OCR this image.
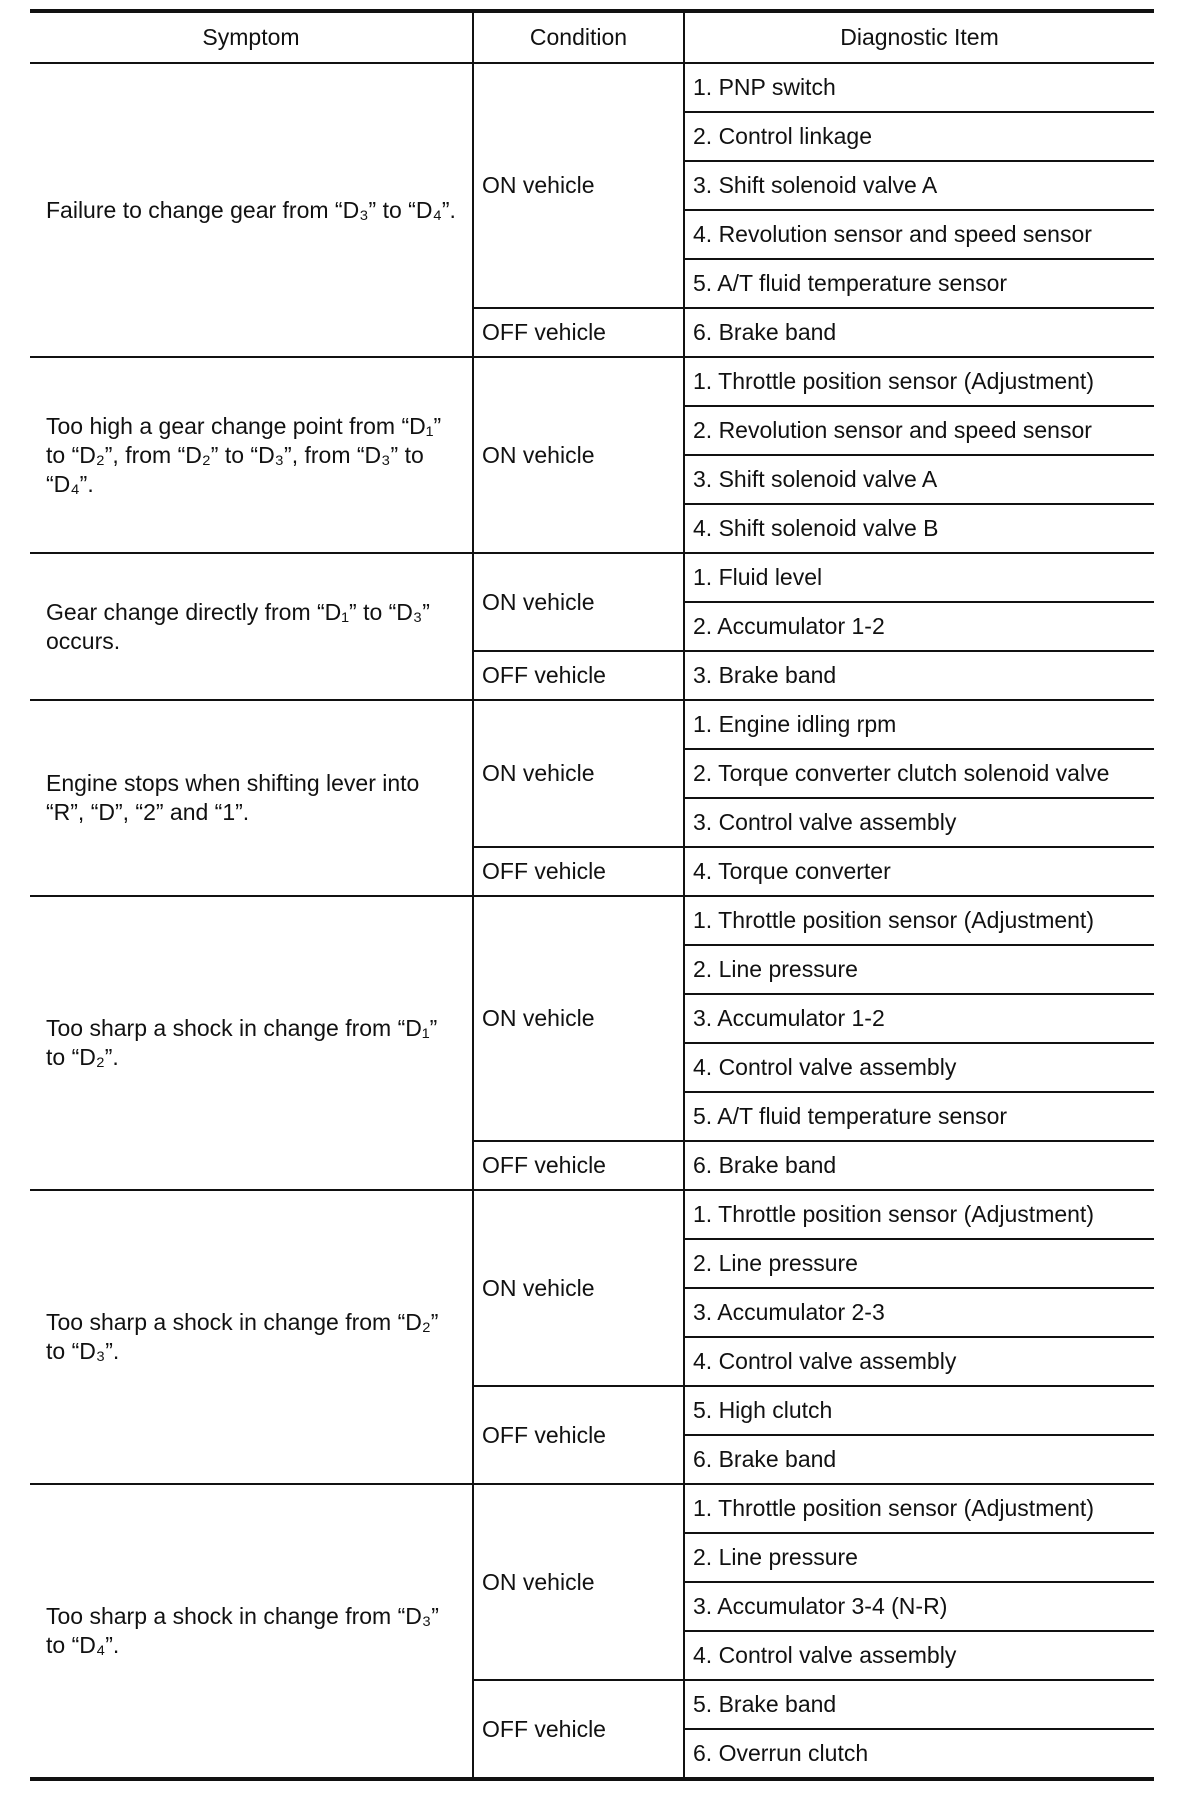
Symptom	Condition	Diagnostic Item
Failure to change gear from “D₃” to “D₄”.	ON vehicle	1. PNP switch
		2. Control linkage
		3. Shift solenoid valve A
		4. Revolution sensor and speed sensor
		5. A/T fluid temperature sensor
	OFF vehicle	6. Brake band
Too high a gear change point from “D₁” to “D₂”, from “D₂” to “D₃”, from “D₃” to “D₄”.	ON vehicle	1. Throttle position sensor (Adjustment)
		2. Revolution sensor and speed sensor
		3. Shift solenoid valve A
		4. Shift solenoid valve B
Gear change directly from “D₁” to “D₃” occurs.	ON vehicle	1. Fluid level
		2. Accumulator 1-2
	OFF vehicle	3. Brake band
Engine stops when shifting lever into “R”, “D”, “2” and “1”.	ON vehicle	1. Engine idling rpm
		2. Torque converter clutch solenoid valve
		3. Control valve assembly
	OFF vehicle	4. Torque converter
Too sharp a shock in change from “D₁” to “D₂”.	ON vehicle	1. Throttle position sensor (Adjustment)
		2. Line pressure
		3. Accumulator 1-2
		4. Control valve assembly
		5. A/T fluid temperature sensor
	OFF vehicle	6. Brake band
Too sharp a shock in change from “D₂” to “D₃”.	ON vehicle	1. Throttle position sensor (Adjustment)
		2. Line pressure
		3. Accumulator 2-3
		4. Control valve assembly
	OFF vehicle	5. High clutch
		6. Brake band
Too sharp a shock in change from “D₃” to “D₄”.	ON vehicle	1. Throttle position sensor (Adjustment)
		2. Line pressure
		3. Accumulator 3-4 (N-R)
		4. Control valve assembly
	OFF vehicle	5. Brake band
		6. Overrun clutch
